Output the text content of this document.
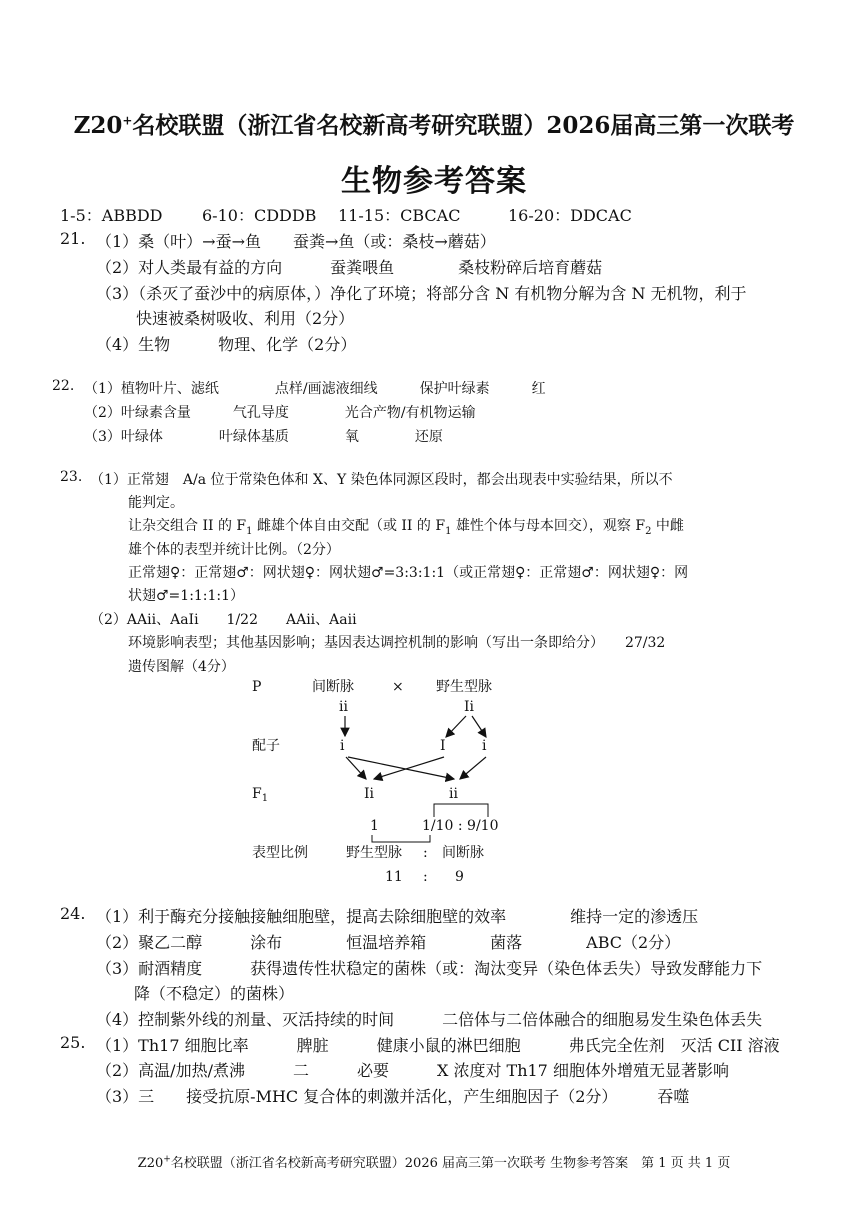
Z20+名校联盟（浙江省名校新高考研究联盟）2026届高三第一次联考
生物参考答案
1-5：ABBDD 6-10：CDDDB 11-15：CBCAC	16-20：DDCAC
21. （1）桑（叶）→蚕→鱼　　蚕粪→鱼（或：桑枝→蘑菇）
（2）对人类最有益的方向　　　蚕粪喂鱼　　　　桑枝粉碎后培育蘑菇
（3）（杀灭了蚕沙中的病原体，）净化了环境；将部分含 N 有机物分解为含 N 无机物，利于
快速被桑树吸收、利用（2分）
（4）生物　　　物理、化学（2分）
22. （1）植物叶片、滤纸　　　　点样/画滤液细线　　　保护叶绿素　　　红
（2）叶绿素含量　　　气孔导度　　　　光合产物/有机物运输
（3）叶绿体　　　　叶绿体基质　　　　氧　　　　还原
23. （1）正常翅　A/a 位于常染色体和 X、Y 染色体同源区段时，都会出现表中实验结果，所以不
能判定。
让杂交组合 II 的 $F_1$ 雌雄个体自由交配（或 II 的 $F_1$ 雄性个体与母本回交），观察 $F_2$ 中雌
雄个体的表型并统计比例。（2分）
正常翅♀：正常翅♂：网状翅♀：网状翅♂=3:3:1:1（或正常翅♀：正常翅♂：网状翅♀：网
状翅♂=1:1:1:1）
（2）AAii、AaIi　　1/22　　AAii、Aaii
环境影响表型；其他基因影响；基因表达调控机制的影响（写出一条即给分）　　27/32
遗传图解（4分）
P	间断脉	× 野生型脉
ii	Ii
配子	i	I	i
$F_1$	Ii	ii
1	1/10 : 9/10
表型比例	野生型脉 : 间断脉
11 : 9
24. （1）利于酶充分接触接触细胞壁，提高去除细胞壁的效率　　　　维持一定的渗透压
（2）聚乙二醇　　　涂布　　　　恒温培养箱　　　　菌落　　　　ABC（2分）
（3）耐酒精度　　　获得遗传性状稳定的菌株（或：淘汰变异（染色体丢失）导致发酵能力下
降（不稳定）的菌株）
（4）控制紫外线的剂量、灭活持续的时间　　　二倍体与二倍体融合的细胞易发生染色体丢失
25. （1）Th17 细胞比率　　　脾脏　　　健康小鼠的淋巴细胞　　　弗氏完全佐剂　灭活 CII 溶液
（2）高温/加热/煮沸　　　二　　　必要　　　X 浓度对 Th17 细胞体外增殖无显著影响
（3）三　　接受抗原-MHC 复合体的刺激并活化，产生细胞因子（2分）　　　吞噬
Z20+名校联盟（浙江省名校新高考研究联盟）2026 届高三第一次联考 生物参考答案　第 1 页 共 1 页
